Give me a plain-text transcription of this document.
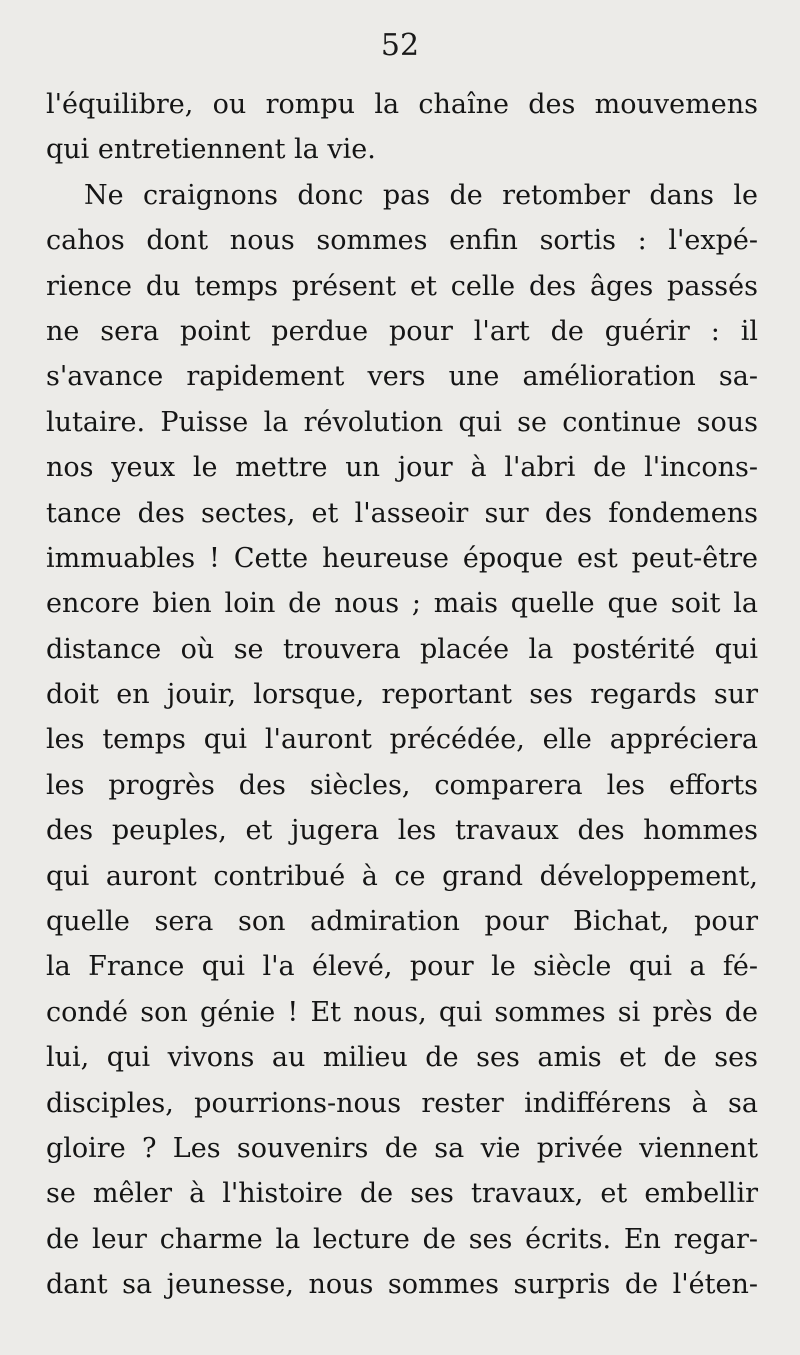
52
l'équilibre, ou rompu la chaîne des mouvemens
qui entretiennent la vie.
Ne craignons donc pas de retomber dans le
cahos dont nous sommes enfin sortis : l'expé-
rience du temps présent et celle des âges passés
ne sera point perdue pour l'art de guérir : il
s'avance rapidement vers une amélioration sa-
lutaire. Puisse la révolution qui se continue sous
nos yeux le mettre un jour à l'abri de l'incons-
tance des sectes, et l'asseoir sur des fondemens
immuables ! Cette heureuse époque est peut-être
encore bien loin de nous ; mais quelle que soit la
distance où se trouvera placée la postérité qui
doit en jouir, lorsque, reportant ses regards sur
les temps qui l'auront précédée, elle appréciera
les progrès des siècles, comparera les efforts
des peuples, et jugera les travaux des hommes
qui auront contribué à ce grand développement,
quelle sera son admiration pour Bichat, pour
la France qui l'a élevé, pour le siècle qui a fé-
condé son génie ! Et nous, qui sommes si près de
lui, qui vivons au milieu de ses amis et de ses
disciples, pourrions-nous rester indifférens à sa
gloire ? Les souvenirs de sa vie privée viennent
se mêler à l'histoire de ses travaux, et embellir
de leur charme la lecture de ses écrits. En regar-
dant sa jeunesse, nous sommes surpris de l'éten-
